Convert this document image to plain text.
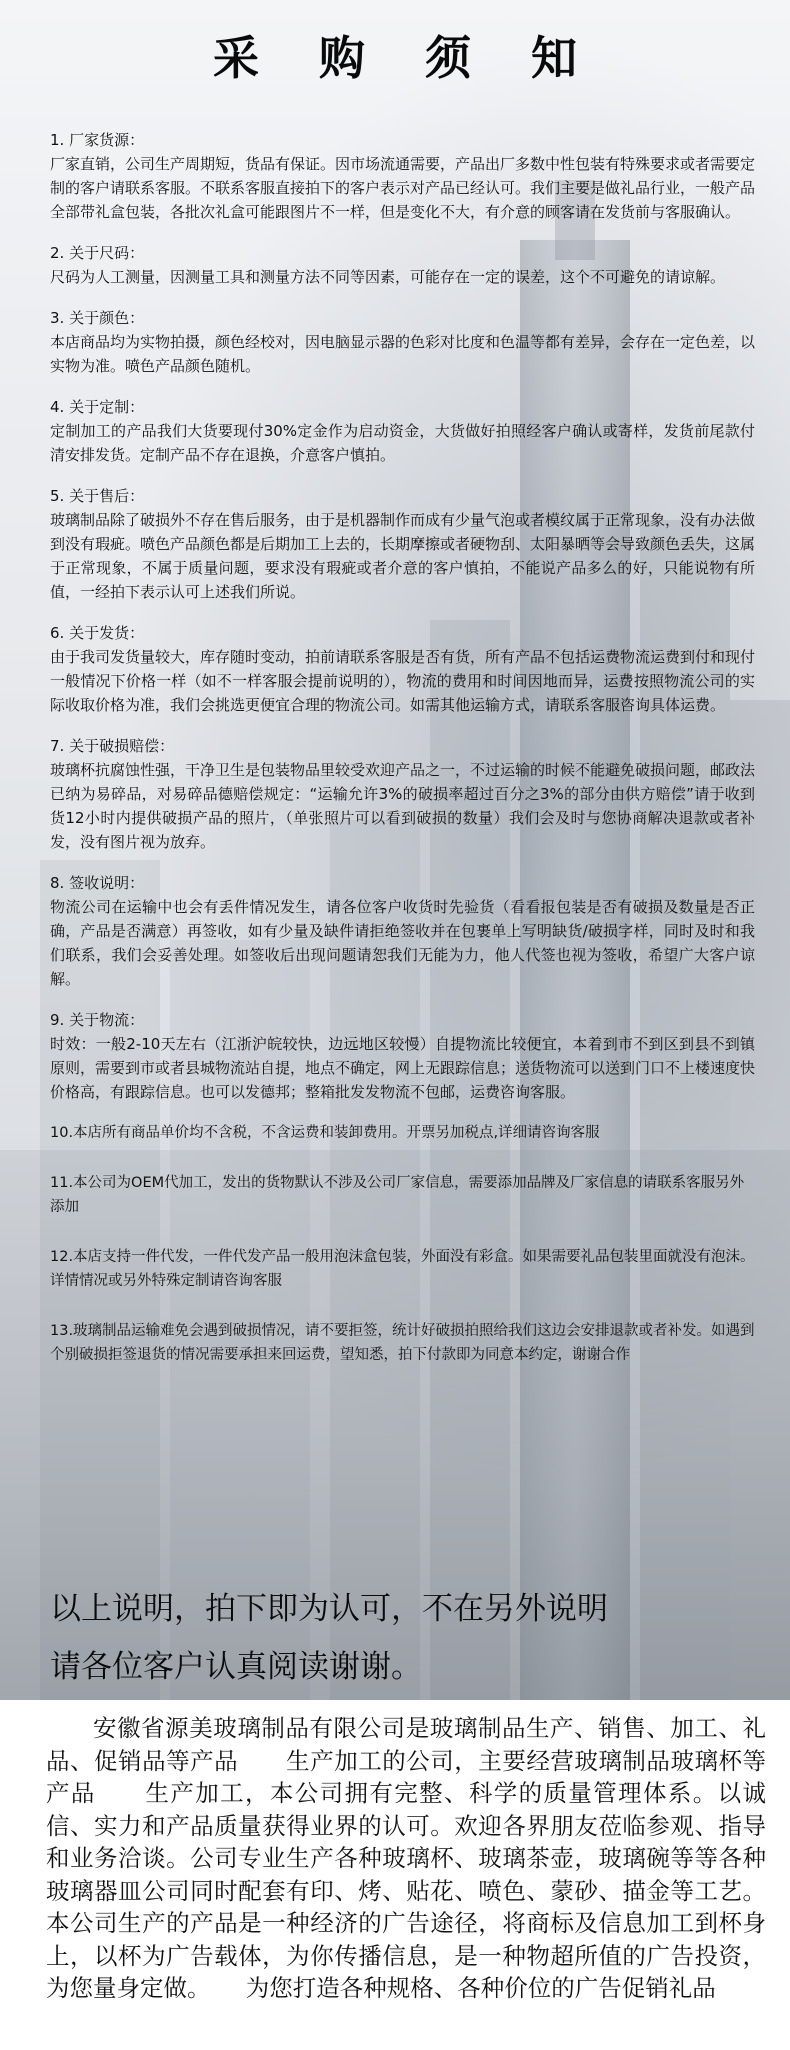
采 购 须 知

1. 厂家货源：

厂家直销，公司生产周期短，货品有保证。因市场流通需要，产品出厂多数中性包装有特殊要求或者需要定制的客户请联系客服。不联系客服直接拍下的客户表示对产品已经认可。我们主要是做礼品行业，一般产品全部带礼盒包装，各批次礼盒可能跟图片不一样，但是变化不大，有介意的顾客请在发货前与客服确认。

2. 关于尺码：

尺码为人工测量，因测量工具和测量方法不同等因素，可能存在一定的误差，这个不可避免的请谅解。

3. 关于颜色：

本店商品均为实物拍摄，颜色经校对，因电脑显示器的色彩对比度和色温等都有差异，会存在一定色差，以实物为准。喷色产品颜色随机。

4. 关于定制：

定制加工的产品我们大货要现付30%定金作为启动资金，大货做好拍照经客户确认或寄样，发货前尾款付清安排发货。定制产品不存在退换，介意客户慎拍。

5. 关于售后：

玻璃制品除了破损外不存在售后服务，由于是机器制作而成有少量气泡或者模纹属于正常现象，没有办法做到没有瑕疵。喷色产品颜色都是后期加工上去的，长期摩擦或者硬物刮、太阳暴晒等会导致颜色丢失，这属于正常现象，不属于质量问题，要求没有瑕疵或者介意的客户慎拍，不能说产品多么的好，只能说物有所值，一经拍下表示认可上述我们所说。

6. 关于发货：

由于我司发货量较大，库存随时变动，拍前请联系客服是否有货，所有产品不包括运费物流运费到付和现付一般情况下价格一样（如不一样客服会提前说明的），物流的费用和时间因地而异，运费按照物流公司的实际收取价格为准，我们会挑选更便宜合理的物流公司。如需其他运输方式，请联系客服咨询具体运费。

7. 关于破损赔偿：

玻璃杯抗腐蚀性强，干净卫生是包装物品里较受欢迎产品之一，不过运输的时候不能避免破损问题，邮政法已纳为易碎品，对易碎品德赔偿规定：“运输允许3%的破损率超过百分之3%的部分由供方赔偿”请于收到货12小时内提供破损产品的照片，（单张照片可以看到破损的数量）我们会及时与您协商解决退款或者补发，没有图片视为放弃。

8. 签收说明：

物流公司在运输中也会有丢件情况发生，请各位客户收货时先验货（看看报包装是否有破损及数量是否正确，产品是否满意）再签收，如有少量及缺件请拒绝签收并在包裹单上写明缺货/破损字样，同时及时和我们联系，我们会妥善处理。如签收后出现问题请恕我们无能为力，他人代签也视为签收，希望广大客户谅解。

9. 关于物流：

时效：一般2-10天左右（江浙沪皖较快，边远地区较慢）自提物流比较便宜，本着到市不到区到县不到镇原则，需要到市或者县城物流站自提，地点不确定，网上无跟踪信息；送货物流可以送到门口不上楼速度快价格高，有跟踪信息。也可以发德邦；整箱批发发物流不包邮，运费咨询客服。

10.本店所有商品单价均不含税，不含运费和装卸费用。开票另加税点,详细请咨询客服

11.本公司为OEM代加工，发出的货物默认不涉及公司厂家信息，需要添加品牌及厂家信息的请联系客服另外添加

12.本店支持一件代发，一件代发产品一般用泡沫盒包装，外面没有彩盒。如果需要礼品包装里面就没有泡沫。详情情况或另外特殊定制请咨询客服

13.玻璃制品运输难免会遇到破损情况，请不要拒签，统计好破损拍照给我们这边会安排退款或者补发。如遇到个别破损拒签退货的情况需要承担来回运费，望知悉，拍下付款即为同意本约定，谢谢合作

以上说明，拍下即为认可，不在另外说明
请各位客户认真阅读谢谢。
安徽省源美玻璃制品有限公司是玻璃制品生产、销售、加工、礼品、促销品等产品　　生产加工的公司，主要经营玻璃制品玻璃杯等产品　　生产加工，本公司拥有完整、科学的质量管理体系。以诚信、实力和产品质量获得业界的认可。欢迎各界朋友莅临参观、指导和业务洽谈。公司专业生产各种玻璃杯、玻璃茶壶，玻璃碗等等各种玻璃器皿公司同时配套有印、烤、贴花、喷色、蒙砂、描金等工艺。本公司生产的产品是一种经济的广告途径，将商标及信息加工到杯身上，以杯为广告载体，为你传播信息，是一种物超所值的广告投资，为您量身定做。　　为您打造各种规格、各种价位的广告促销礼品
